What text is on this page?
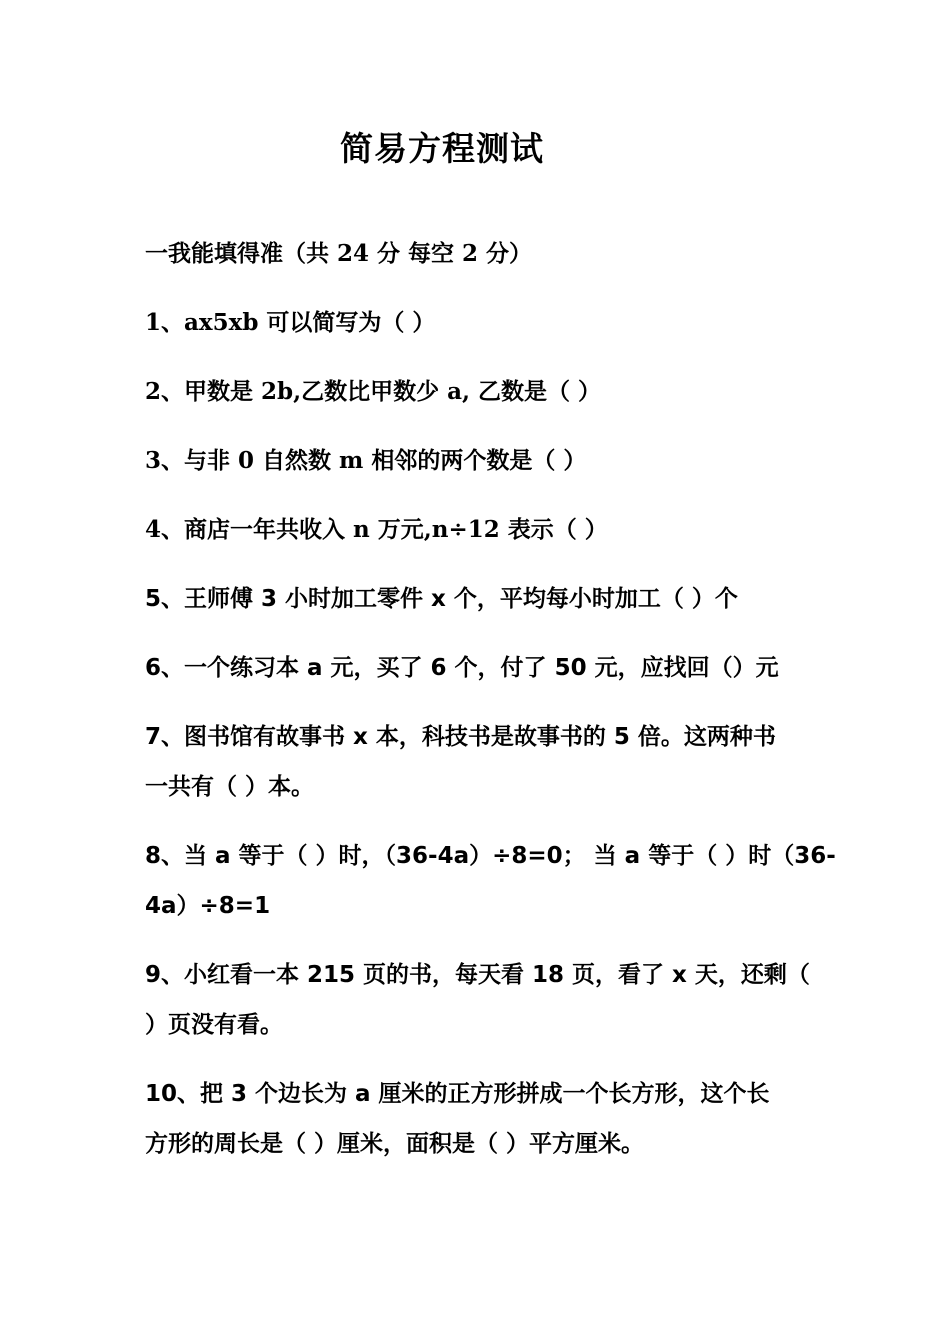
简易方程测试
一我能填得准（共 24 分 每空 2 分）
1、ax5xb 可以简写为（ ）
2、甲数是 2b,乙数比甲数少 a, 乙数是（ ）
3、与非 0 自然数 m 相邻的两个数是（ ）
4、商店一年共收入 n 万元,n÷12 表示（ ）
5、王师傅 3 小时加工零件 x 个，平均每小时加工（ ）个
6、一个练习本 a 元，买了 6 个，付了 50 元，应找回（）元
7、图书馆有故事书 x 本，科技书是故事书的 5 倍。这两种书
一共有（ ）本。
8、当 a 等于（ ）时，（36-4a）÷8=0； 当 a 等于（ ）时（36-
4a）÷8=1
9、小红看一本 215 页的书，每天看 18 页，看了 x 天，还剩（
）页没有看。
10、把 3 个边长为 a 厘米的正方形拼成一个长方形，这个长
方形的周长是（ ）厘米，面积是（ ）平方厘米。
